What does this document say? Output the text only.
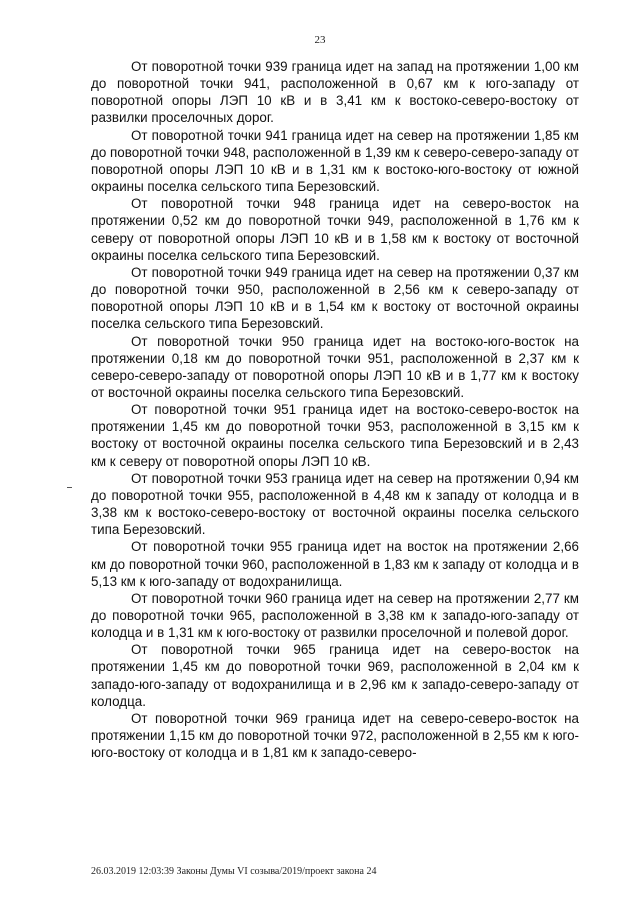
23

От поворотной точки 939 граница идет на запад на протяжении 1,00 км до поворотной точки 941, расположенной в 0,67 км к юго-западу от поворотной опоры ЛЭП 10 кВ и в 3,41 км к востоко-северо-востоку от развилки проселочных дорог.

От поворотной точки 941 граница идет на север на протяжении 1,85 км до поворотной точки 948, расположенной в 1,39 км к северо-северо-западу от поворотной опоры ЛЭП 10 кВ и в 1,31 км к востоко-юго-востоку от южной окраины поселка сельского типа Березовский.

От поворотной точки 948 граница идет на северо-восток на протяжении 0,52 км до поворотной точки 949, расположенной в 1,76 км к северу от поворотной опоры ЛЭП 10 кВ и в 1,58 км к востоку от восточной окраины поселка сельского типа Березовский.

От поворотной точки 949 граница идет на север на протяжении 0,37 км до поворотной точки 950, расположенной в 2,56 км к северо-западу от поворотной опоры ЛЭП 10 кВ и в 1,54 км к востоку от восточной окраины поселка сельского типа Березовский.

От поворотной точки 950 граница идет на востоко-юго-восток на протяжении 0,18 км до поворотной точки 951, расположенной в 2,37 км к северо-северо-западу от поворотной опоры ЛЭП 10 кВ и в 1,77 км к востоку от восточной окраины поселка сельского типа Березовский.

От поворотной точки 951 граница идет на востоко-северо-восток на протяжении 1,45 км до поворотной точки 953, расположенной в 3,15 км к востоку от восточной окраины поселка сельского типа Березовский и в 2,43 км к северу от поворотной опоры ЛЭП 10 кВ.

От поворотной точки 953 граница идет на север на протяжении 0,94 км до поворотной точки 955, расположенной в 4,48 км к западу от колодца и в 3,38 км к востоко-северо-востоку от восточной окраины поселка сельского типа Березовский.

От поворотной точки 955 граница идет на восток на протяжении 2,66 км до поворотной точки 960, расположенной в 1,83 км к западу от колодца и в 5,13 км к юго-западу от водохранилища.

От поворотной точки 960 граница идет на север на протяжении 2,77 км до поворотной точки 965, расположенной в 3,38 км к западо-юго-западу от колодца и в 1,31 км к юго-востоку от развилки проселочной и полевой дорог.

От поворотной точки 965 граница идет на северо-восток на протяжении 1,45 км до поворотной точки 969, расположенной в 2,04 км к западо-юго-западу от водохранилища и в 2,96 км к западо-северо-западу от колодца.

От поворотной точки 969 граница идет на северо-северо-восток на протяжении 1,15 км до поворотной точки 972, расположенной в 2,55 км к юго-юго-востоку от колодца и в 1,81 км к западо-северо-

26.03.2019 12:03:39 Законы Думы VI созыва/2019/проект закона 24
